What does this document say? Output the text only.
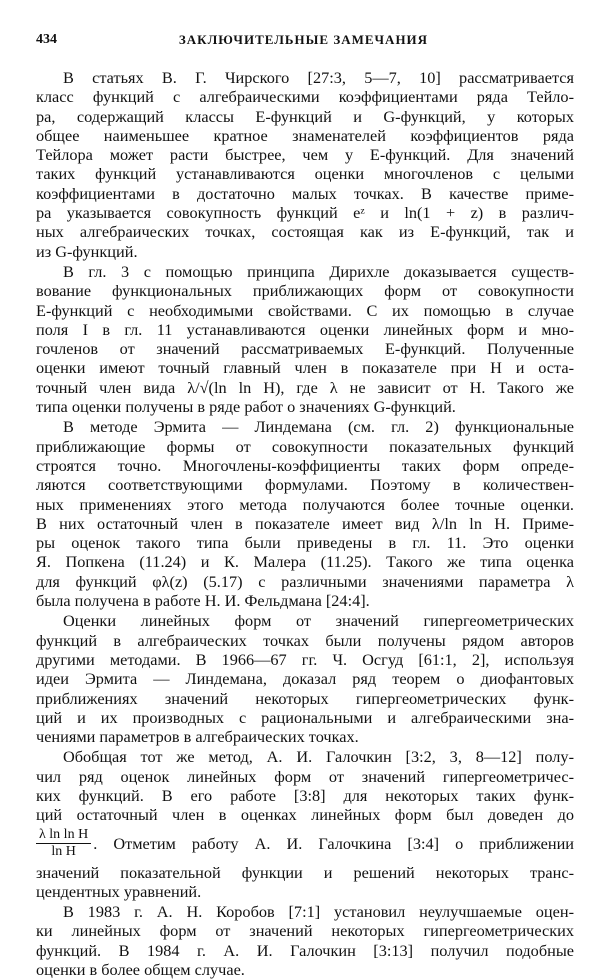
434	ЗАКЛЮЧИТЕЛЬНЫЕ ЗАМЕЧАНИЯ
В статьях В. Г. Чирского [27:3, 5—7, 10] рассматривается
класс функций с алгебраическими коэффициентами ряда Тейло-
ра, содержащий классы E-функций и G-функций, у которых
общее наименьшее кратное знаменателей коэффициентов ряда
Тейлора может расти быстрее, чем у E-функций. Для значений
таких функций устанавливаются оценки многочленов с целыми
коэффициентами в достаточно малых точках. В качестве приме-
ра указывается совокупность функций eᶻ и ln(1 + z) в различ-
ных алгебраических точках, состоящая как из E-функций, так и
из G-функций.
В гл. 3 с помощью принципа Дирихле доказывается существ-
вование функциональных приближающих форм от совокупности
E-функций с необходимыми свойствами. С их помощью в случае
поля I в гл. 11 устанавливаются оценки линейных форм и мно-
гочленов от значений рассматриваемых E-функций. Полученные
оценки имеют точный главный член в показателе при H и оста-
точный член вида λ/√(ln ln H), где λ не зависит от H. Такого же
типа оценки получены в ряде работ о значениях G-функций.
В методе Эрмита — Линдемана (см. гл. 2) функциональные
приближающие формы от совокупности показательных функций
строятся точно. Многочлены-коэффициенты таких форм опреде-
ляются соответствующими формулами. Поэтому в количествен-
ных применениях этого метода получаются более точные оценки.
В них остаточный член в показателе имеет вид λ/ln ln H. Приме-
ры оценок такого типа были приведены в гл. 11. Это оценки
Я. Попкена (11.24) и К. Малера (11.25). Такого же типа оценка
для функций φλ(z) (5.17) с различными значениями параметра λ
была получена в работе Н. И. Фельдмана [24:4].
Оценки линейных форм от значений гипергеометрических
функций в алгебраических точках были получены рядом авторов
другими методами. В 1966—67 гг. Ч. Осгуд [61:1, 2], используя
идеи Эрмита — Линдемана, доказал ряд теорем о диофантовых
приближениях значений некоторых гипергеометрических функ-
ций и их производных с рациональными и алгебраическими зна-
чениями параметров в алгебраических точках.
Обобщая тот же метод, А. И. Галочкин [3:2, 3, 8—12] полу-
чил ряд оценок линейных форм от значений гипергеометричес-
ких функций. В его работе [3:8] для некоторых таких функ-
ций остаточный член в оценках линейных форм был доведен до
$\frac{\text{λ ln ln H}}{\text{ln H}}$ . Отметим работу А. И. Галочкина [3:4] о приближении
значений показательной функции и решений некоторых транс-
цендентных уравнений.
В 1983 г. А. Н. Коробов [7:1] установил неулучшаемые оцен-
ки линейных форм от значений некоторых гипергеометрических
функций. В 1984 г. А. И. Галочкин [3:13] получил подобные
оценки в более общем случае.
